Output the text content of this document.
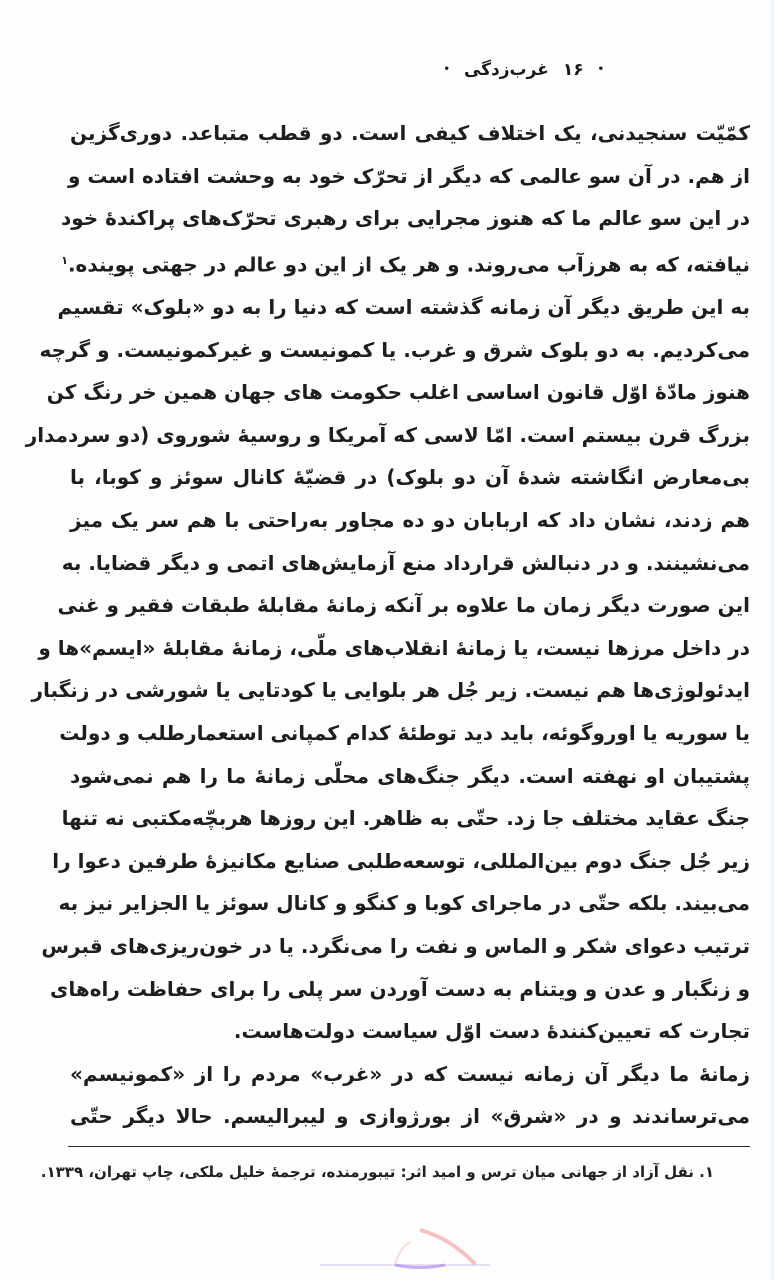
•
۱۶
غرب‌زدگی
•
کمّیّت سنجیدنی، یک اختلاف کیفی است. دو قطب متباعد. دوری‌گزین
از هم. در آن سو عالمی که دیگر از تحرّک خود به وحشت افتاده است و
در این سو عالم ما که هنوز مجرایی برای رهبری تحرّک‌های پراکندهٔ خود
نیافته، که به هرزآب می‌روند. و هر یک از این دو عالم در جهتی پوینده.$^۱$
به این طریق دیگر آن زمانه گذشته است که دنیا را به دو «بلوک» تقسیم
می‌کردیم. به دو بلوک شرق و غرب. یا کمونیست و غیرکمونیست. و گرچه
هنوز مادّهٔ اوّل قانون اساسی اغلب حکومت های جهان همین خر رنگ کن
بزرگ قرن بیستم است. امّا لاسی که آمریکا و روسیهٔ شوروی (دو سردمدار
بی‌معارض انگاشته شدهٔ آن دو بلوک) در قضیّهٔ کانال سوئز و کوبا، با
هم زدند، نشان داد که اربابان دو ده مجاور به‌راحتی با هم سر یک میز
می‌نشینند. و در دنبالش قرارداد منع آزمایش‌های اتمی و دیگر قضایا. به
این صورت دیگر زمان ما علاوه بر آنکه زمانهٔ مقابلهٔ طبقات فقیر و غنی
در داخل مرزها نیست، یا زمانهٔ انقلاب‌های ملّی، زمانهٔ مقابلهٔ «ایسم»ها و
ایدئولوژی‌ها هم نیست. زیر جُل هر بلوایی یا کودتایی یا شورشی در زنگبار
یا سوریه یا اوروگوئه، باید دید توطئهٔ کدام کمپانی استعمارطلب و دولت
پشتیبان او نهفته است. دیگر جنگ‌های محلّی زمانهٔ ما را هم نمی‌شود
جنگ عقاید مختلف جا زد. حتّی به ظاهر. این روزها هربچّه‌مکتبی نه تنها
زیر جُل جنگ دوم بین‌المللی، توسعه‌طلبی صنایع مکانیزهٔ طرفین دعوا را
می‌بیند. بلکه حتّی در ماجرای کوبا و کنگو و کانال سوئز یا الجزایر نیز به
ترتیب دعوای شکر و الماس و نفت را می‌نگرد. یا در خون‌ریزی‌های قبرس
و زنگبار و عدن و ویتنام به دست آوردن سر پلی را برای حفاظت راه‌های
تجارت که تعیین‌کنندهٔ دست اوّل سیاست دولت‌هاست.
زمانهٔ ما دیگر آن زمانه نیست که در «غرب» مردم را از «کمونیسم»
می‌ترساندند و در «شرق» از بورژوازی و لیبرالیسم. حالا دیگر حتّی
۱. نقل آزاد از جهانی میان ترس و امید اثر: تیبورمنده، ترجمهٔ خلیل ملکی، چاپ تهران، ۱۳۳۹.
